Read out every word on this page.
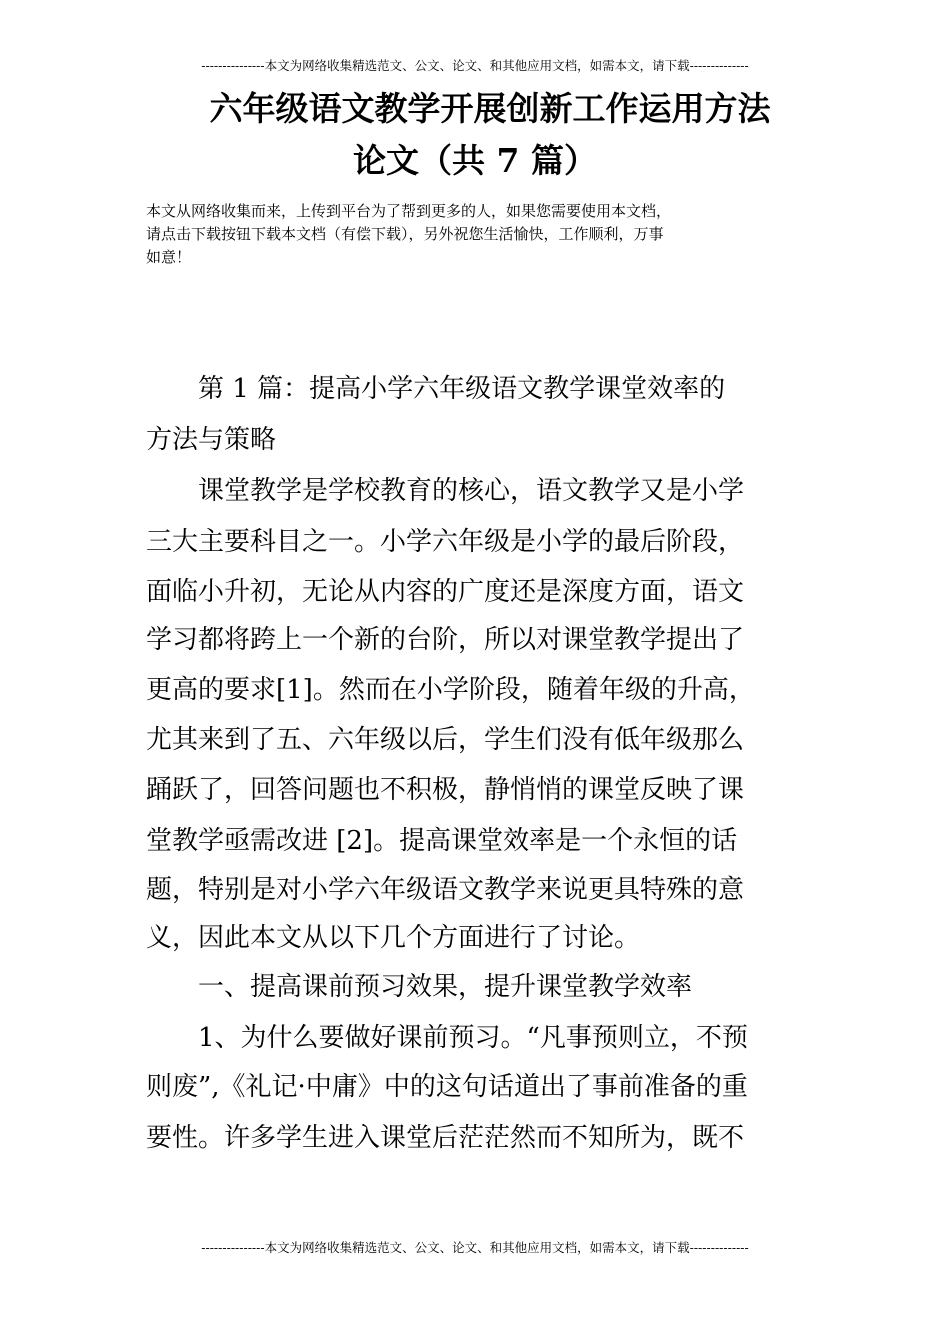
---------------本文为网络收集精选范文、公文、论文、和其他应用文档，如需本文，请下载--------------
六年级语文教学开展创新工作运用方法
论文（共 7 篇）
本文从网络收集而来，上传到平台为了帮到更多的人，如果您需要使用本文档，
请点击下载按钮下载本文档（有偿下载），另外祝您生活愉快，工作顺利，万事
如意！
　　第 1 篇：提高小学六年级语文教学课堂效率的
方法与策略
　　课堂教学是学校教育的核心，语文教学又是小学
三大主要科目之一。小学六年级是小学的最后阶段，
面临小升初，无论从内容的广度还是深度方面，语文
学习都将跨上一个新的台阶，所以对课堂教学提出了
更高的要求[1]。然而在小学阶段，随着年级的升高，
尤其来到了五、六年级以后，学生们没有低年级那么
踊跃了，回答问题也不积极，静悄悄的课堂反映了课
堂教学亟需改进 [2]。提高课堂效率是一个永恒的话
题，特别是对小学六年级语文教学来说更具特殊的意
义，因此本文从以下几个方面进行了讨论。
　　一、提高课前预习效果，提升课堂教学效率
　　1、为什么要做好课前预习。“凡事预则立，不预
则废”,《礼记·中庸》中的这句话道出了事前准备的重
要性。许多学生进入课堂后茫茫然而不知所为，既不
---------------本文为网络收集精选范文、公文、论文、和其他应用文档，如需本文，请下载--------------
